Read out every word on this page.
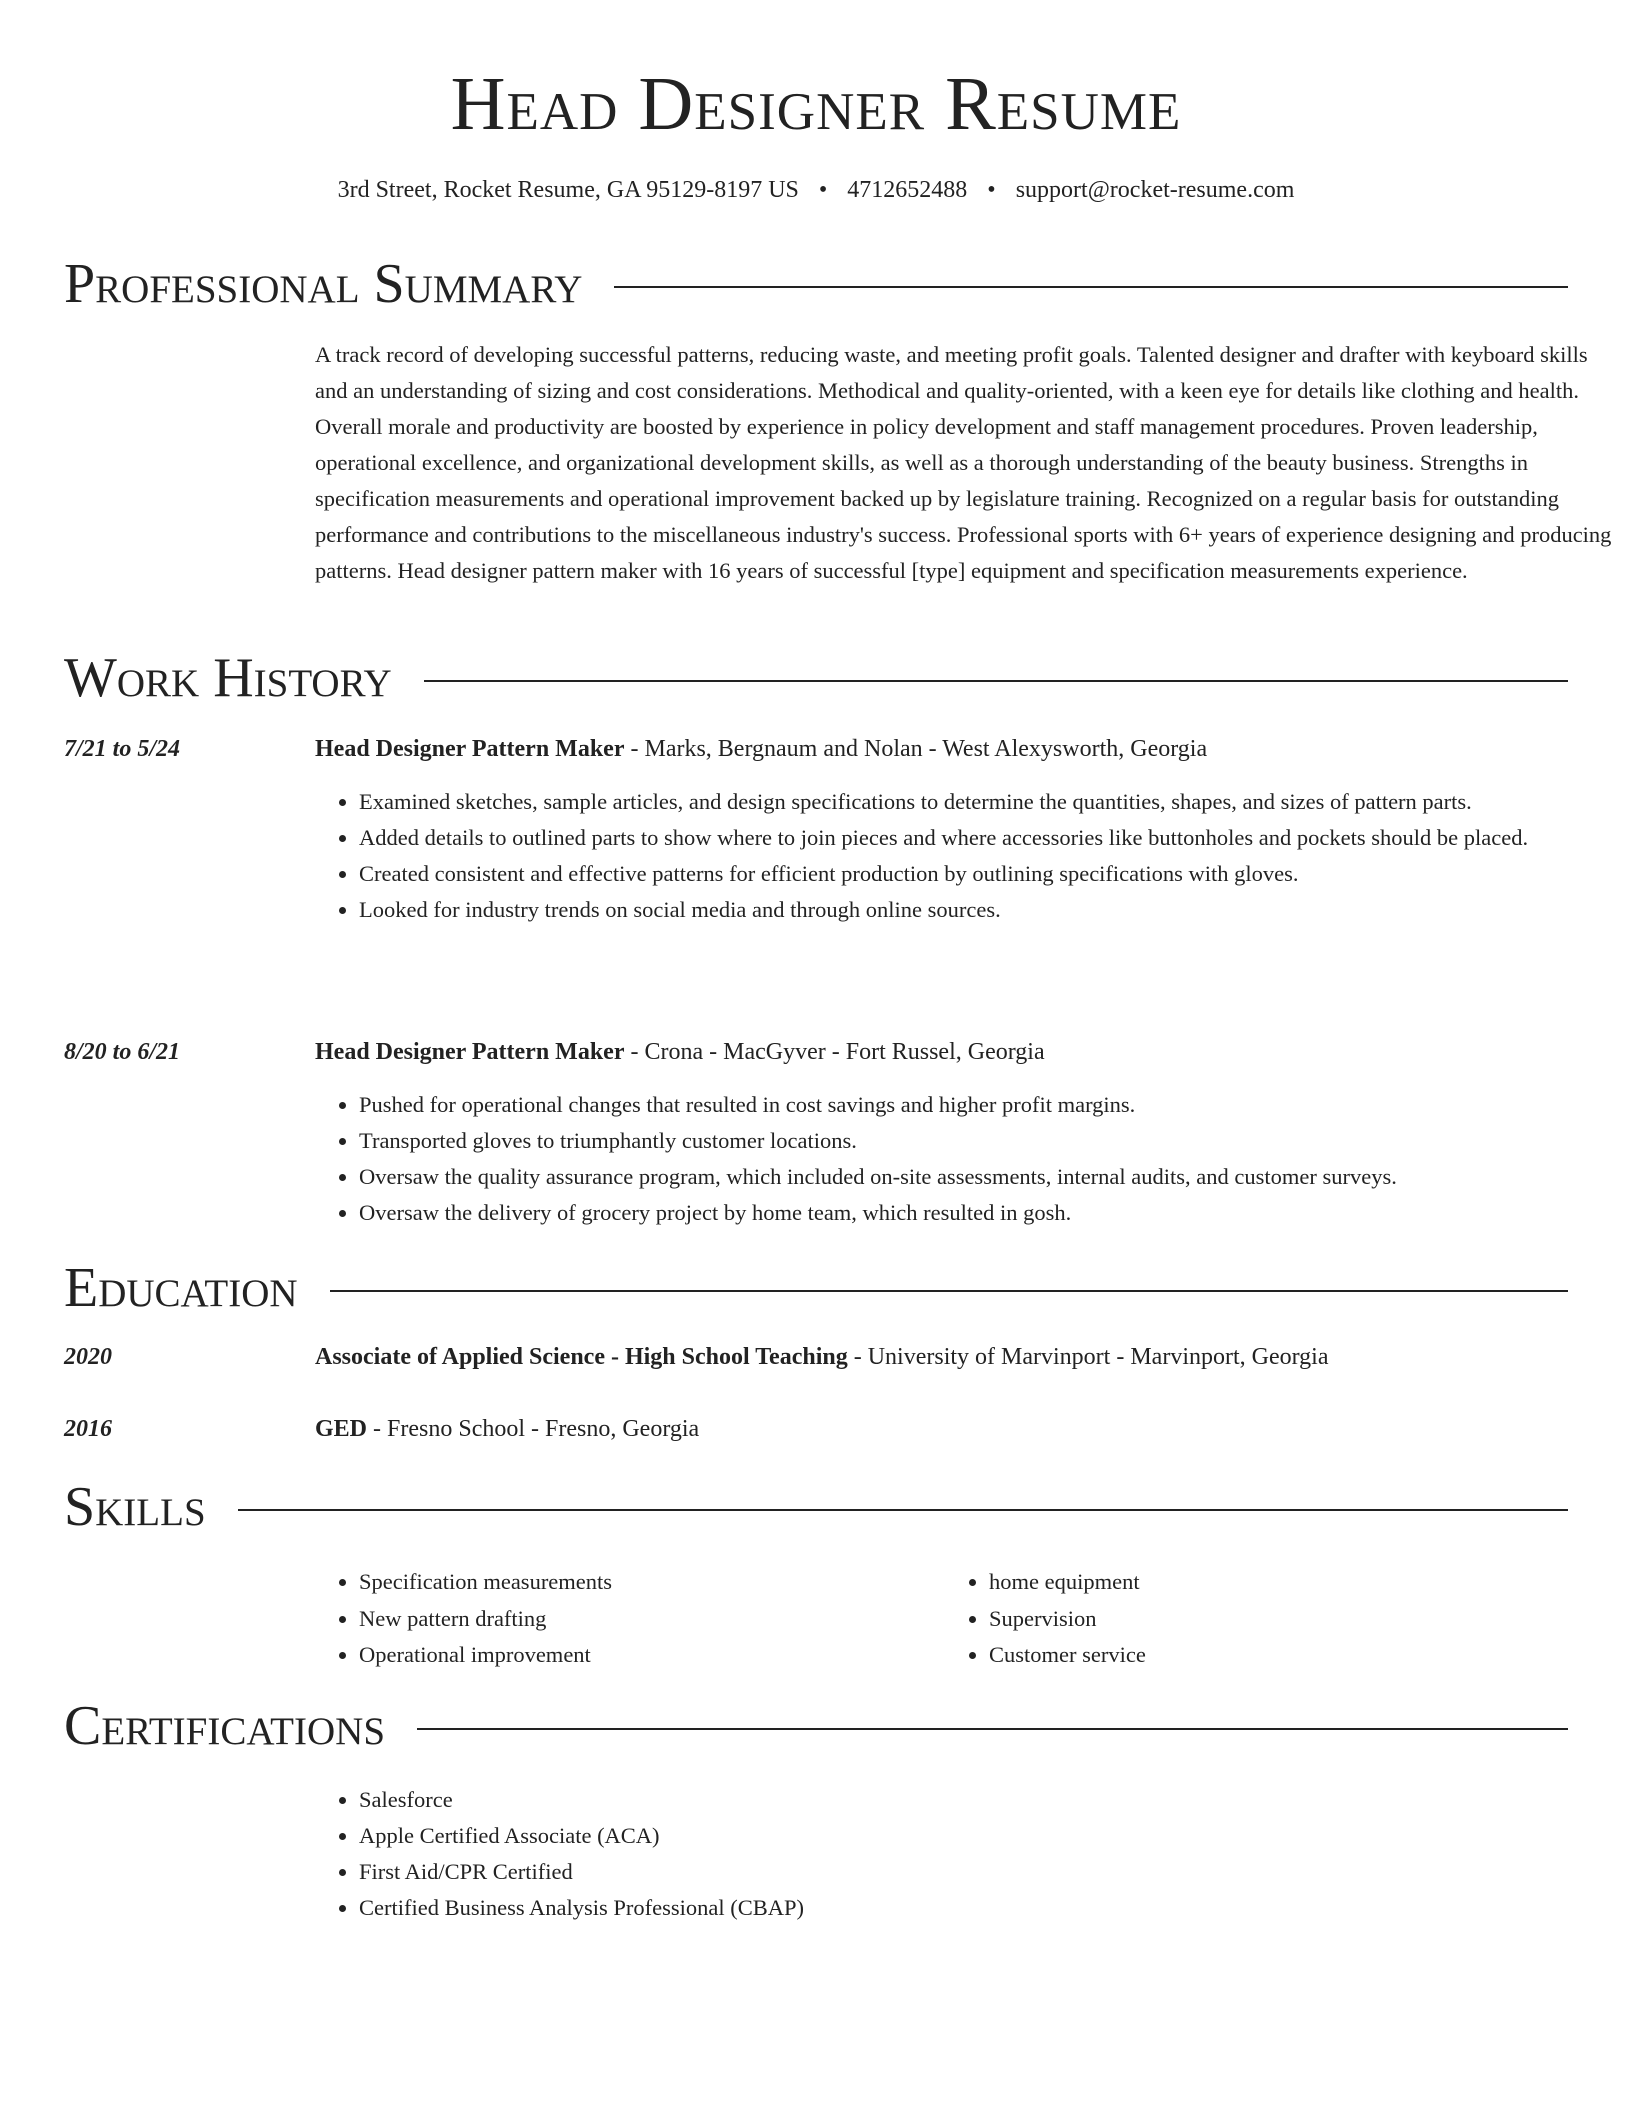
Head Designer Resume
3rd Street, Rocket Resume, GA 95129-8197 US • 4712652488 • support@rocket-resume.com
Professional Summary

A track record of developing successful patterns, reducing waste, and meeting profit goals. Talented designer and drafter with keyboard skills and an understanding of sizing and cost considerations. Methodical and quality-oriented, with a keen eye for details like clothing and health. Overall morale and productivity are boosted by experience in policy development and staff management procedures. Proven leadership, operational excellence, and organizational development skills, as well as a thorough understanding of the beauty business. Strengths in specification measurements and operational improvement backed up by legislature training. Recognized on a regular basis for outstanding performance and contributions to the miscellaneous industry's success. Professional sports with 6+ years of experience designing and producing patterns. Head designer pattern maker with 16 years of successful [type] equipment and specification measurements experience.

Work History
7/21 to 5/24	Head Designer Pattern Maker - Marks, Bergnaum and Nolan - West Alexysworth, Georgia
• Examined sketches, sample articles, and design specifications to determine the quantities, shapes, and sizes of pattern parts.
• Added details to outlined parts to show where to join pieces and where accessories like buttonholes and pockets should be placed.
• Created consistent and effective patterns for efficient production by outlining specifications with gloves.
• Looked for industry trends on social media and through online sources.
8/20 to 6/21	Head Designer Pattern Maker - Crona - MacGyver - Fort Russel, Georgia
• Pushed for operational changes that resulted in cost savings and higher profit margins.
• Transported gloves to triumphantly customer locations.
• Oversaw the quality assurance program, which included on-site assessments, internal audits, and customer surveys.
• Oversaw the delivery of grocery project by home team, which resulted in gosh.
Education
2020	Associate of Applied Science - High School Teaching - University of Marvinport - Marvinport, Georgia
2016	GED - Fresno School - Fresno, Georgia
Skills
• Specification measurements
• New pattern drafting
• Operational improvement
• home equipment
• Supervision
• Customer service
Certifications
• Salesforce
• Apple Certified Associate (ACA)
• First Aid/CPR Certified
• Certified Business Analysis Professional (CBAP)
